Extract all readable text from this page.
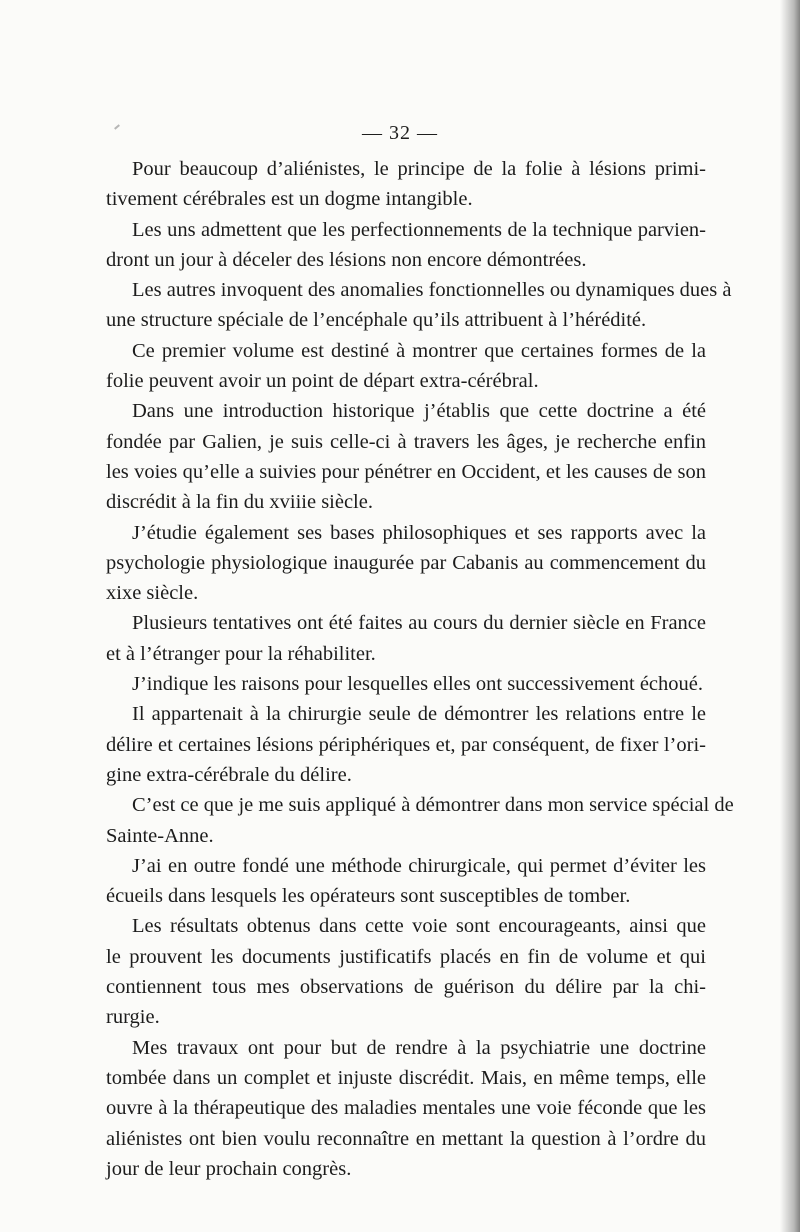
— 32 —

Pour beaucoup d’aliénistes, le principe de la folie à lésions primi-
tivement cérébrales est un dogme intangible.

Les uns admettent que les perfectionnements de la technique parvien-
dront un jour à déceler des lésions non encore démontrées.

Les autres invoquent des anomalies fonctionnelles ou dynamiques dues à
une structure spéciale de l’encéphale qu’ils attribuent à l’hérédité.

Ce premier volume est destiné à montrer que certaines formes de la
folie peuvent avoir un point de départ extra-cérébral.

Dans une introduction historique j’établis que cette doctrine a été
fondée par Galien, je suis celle-ci à travers les âges, je recherche enfin
les voies qu’elle a suivies pour pénétrer en Occident, et les causes de son
discrédit à la fin du xviiie siècle.

J’étudie également ses bases philosophiques et ses rapports avec la
psychologie physiologique inaugurée par Cabanis au commencement du
xixe siècle.

Plusieurs tentatives ont été faites au cours du dernier siècle en France
et à l’étranger pour la réhabiliter.

J’indique les raisons pour lesquelles elles ont successivement échoué.

Il appartenait à la chirurgie seule de démontrer les relations entre le
délire et certaines lésions périphériques et, par conséquent, de fixer l’ori-
gine extra-cérébrale du délire.

C’est ce que je me suis appliqué à démontrer dans mon service spécial de
Sainte-Anne.

J’ai en outre fondé une méthode chirurgicale, qui permet d’éviter les
écueils dans lesquels les opérateurs sont susceptibles de tomber.

Les résultats obtenus dans cette voie sont encourageants, ainsi que
le prouvent les documents justificatifs placés en fin de volume et qui
contiennent tous mes observations de guérison du délire par la chi-
rurgie.

Mes travaux ont pour but de rendre à la psychiatrie une doctrine
tombée dans un complet et injuste discrédit. Mais, en même temps, elle
ouvre à la thérapeutique des maladies mentales une voie féconde que les
aliénistes ont bien voulu reconnaître en mettant la question à l’ordre du
jour de leur prochain congrès.
